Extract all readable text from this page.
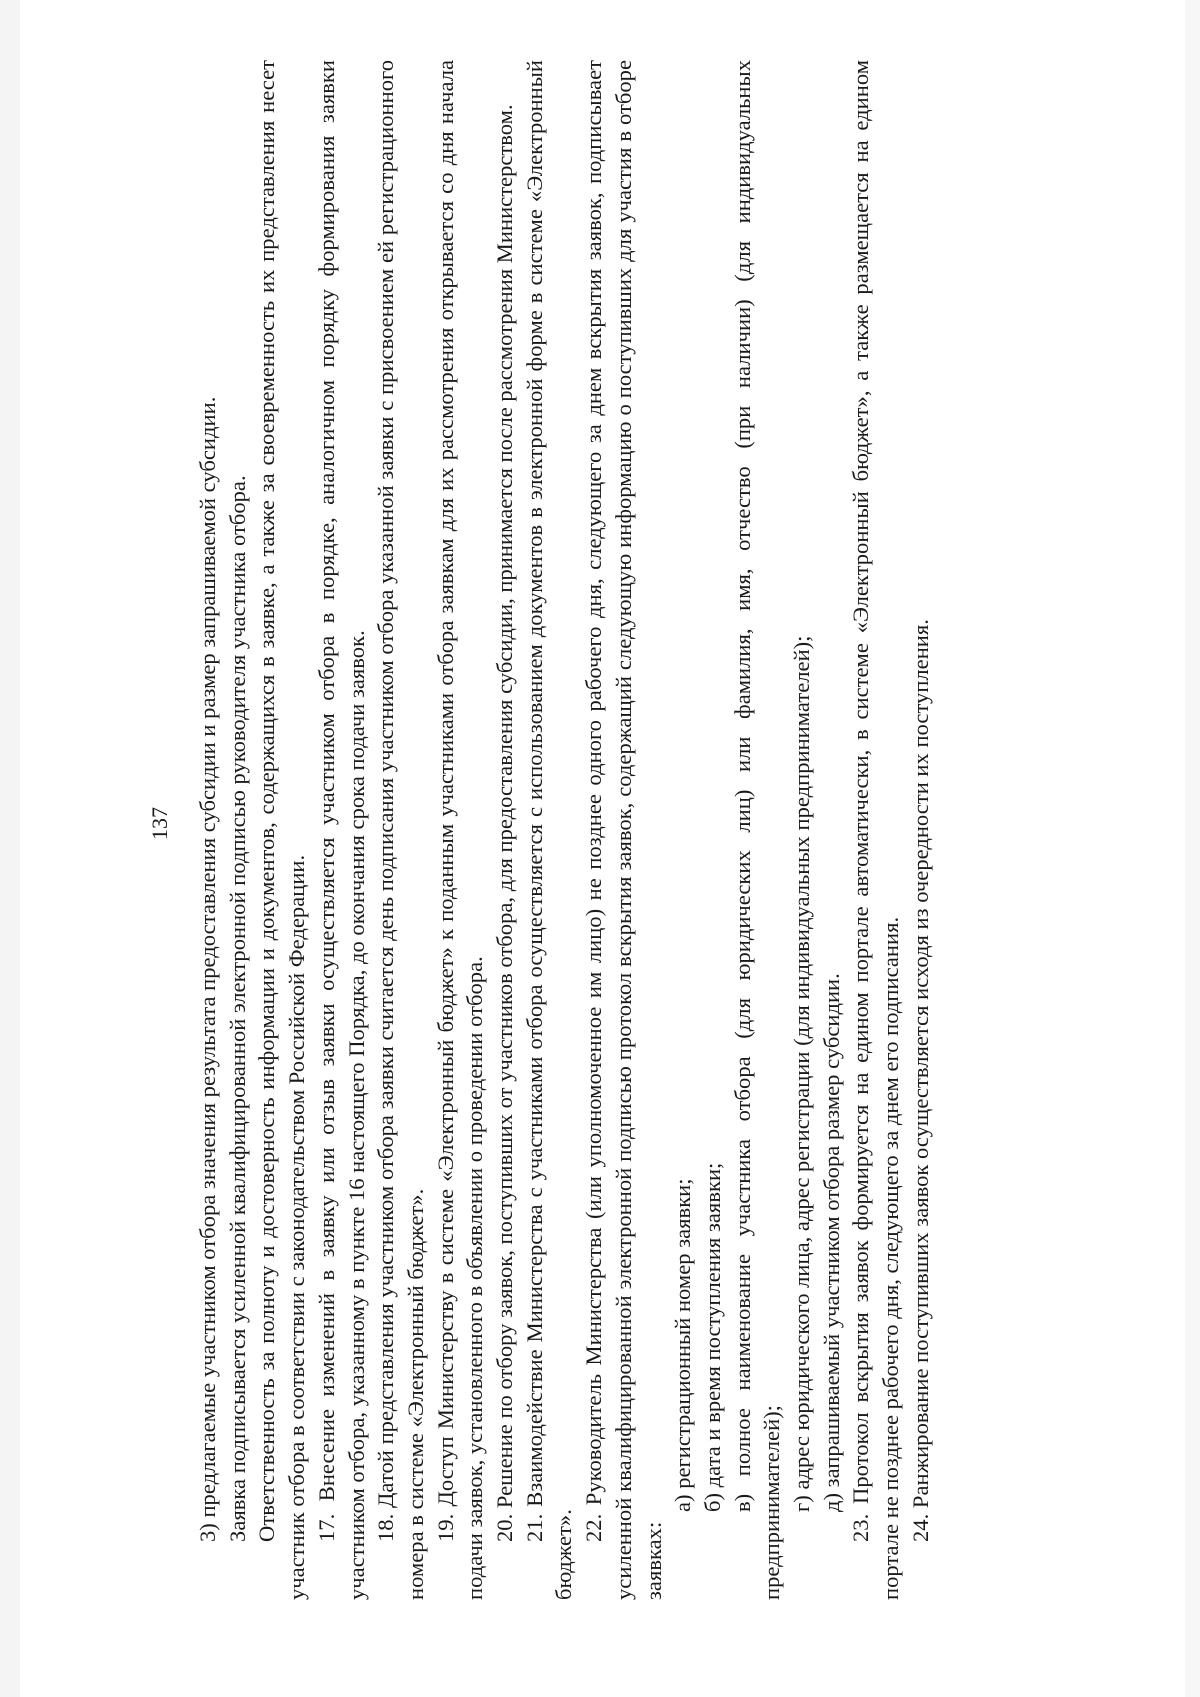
137 3) предлагаемые участником отбора значения результата предоставления субсидии и размер запрашиваемой субсидии. Заявка подписывается усиленной квалифицированной электронной подписью руководителя участника отбора. Ответственность за полноту и достоверность информации и документов, содержащихся в заявке, а также за своевременность их представления несет участник отбора в соответствии с законодательством Российской Федерации. 17. Внесение изменений в заявку или отзыв заявки осуществляется участником отбора в порядке, аналогичном порядку формирования заявки участником отбора, указанному в пункте 16 настоящего Порядка, до окончания срока подачи заявок. 18. Датой представления участником отбора заявки считается день подписания участником отбора указанной заявки с присвоением ей регистрационного номера в системе «Электронный бюджет». 19. Доступ Министерству в системе «Электронный бюджет» к поданным участниками отбора заявкам для их рассмотрения открывается со дня начала подачи заявок, установленного в объявлении о проведении отбора. 20. Решение по отбору заявок, поступивших от участников отбора, для предоставления субсидии, принимается после рассмотрения Министерством. 21. Взаимодействие Министерства с участниками отбора осуществляется с использованием документов в электронной форме в системе «Электронный бюджет».

22. Руководитель Министерства (или уполномоченное им лицо) не позднее одного рабочего дня, следующего за днем вскрытия заявок, подписывает усиленной квалифицированной электронной подписью протокол вскрытия заявок, содержащий следующую информацию о поступивших для участия в отборе заявках:

а) регистрационный номер заявки; б) дата и время поступления заявки; в) полное наименование участника отбора (для юридических лиц) или фамилия, имя, отчество (при наличии) (для индивидуальных предпринимателей); г) адрес юридического лица, адрес регистрации (для индивидуальных предпринимателей); д) запрашиваемый участником отбора размер субсидии. 23. Протокол вскрытия заявок формируется на едином портале автоматически, в системе «Электронный бюджет», а также размещается на едином портале не позднее рабочего дня, следующего за днем его подписания. 24. Ранжирование поступивших заявок осуществляется исходя из очередности их поступления.
